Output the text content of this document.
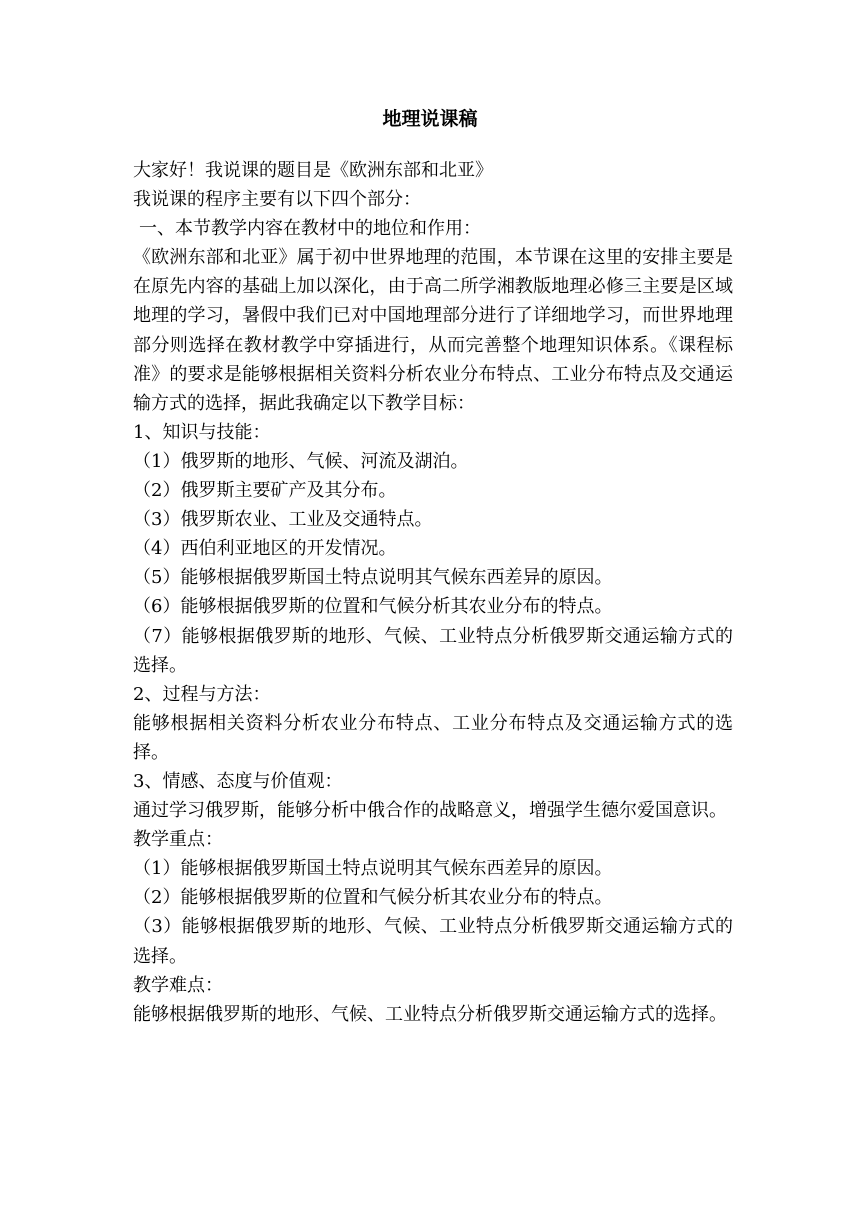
地理说课稿

大家好！我说课的题目是《欧洲东部和北亚》

我说课的程序主要有以下四个部分：

一、本节教学内容在教材中的地位和作用：

《欧洲东部和北亚》属于初中世界地理的范围，本节课在这里的安排主要是在原先内容的基础上加以深化，由于高二所学湘教版地理必修三主要是区域地理的学习，暑假中我们已对中国地理部分进行了详细地学习，而世界地理部分则选择在教材教学中穿插进行，从而完善整个地理知识体系。《课程标准》的要求是能够根据相关资料分析农业分布特点、工业分布特点及交通运输方式的选择，据此我确定以下教学目标：

1、知识与技能：

（1）俄罗斯的地形、气候、河流及湖泊。

（2）俄罗斯主要矿产及其分布。

（3）俄罗斯农业、工业及交通特点。

（4）西伯利亚地区的开发情况。

（5）能够根据俄罗斯国土特点说明其气候东西差异的原因。

（6）能够根据俄罗斯的位置和气候分析其农业分布的特点。

（7）能够根据俄罗斯的地形、气候、工业特点分析俄罗斯交通运输方式的选择。

2、过程与方法：

能够根据相关资料分析农业分布特点、工业分布特点及交通运输方式的选择。

3、情感、态度与价值观：

通过学习俄罗斯，能够分析中俄合作的战略意义，增强学生德尔爱国意识。

教学重点：

（1）能够根据俄罗斯国土特点说明其气候东西差异的原因。

（2）能够根据俄罗斯的位置和气候分析其农业分布的特点。

（3）能够根据俄罗斯的地形、气候、工业特点分析俄罗斯交通运输方式的选择。

教学难点：

能够根据俄罗斯的地形、气候、工业特点分析俄罗斯交通运输方式的选择。
